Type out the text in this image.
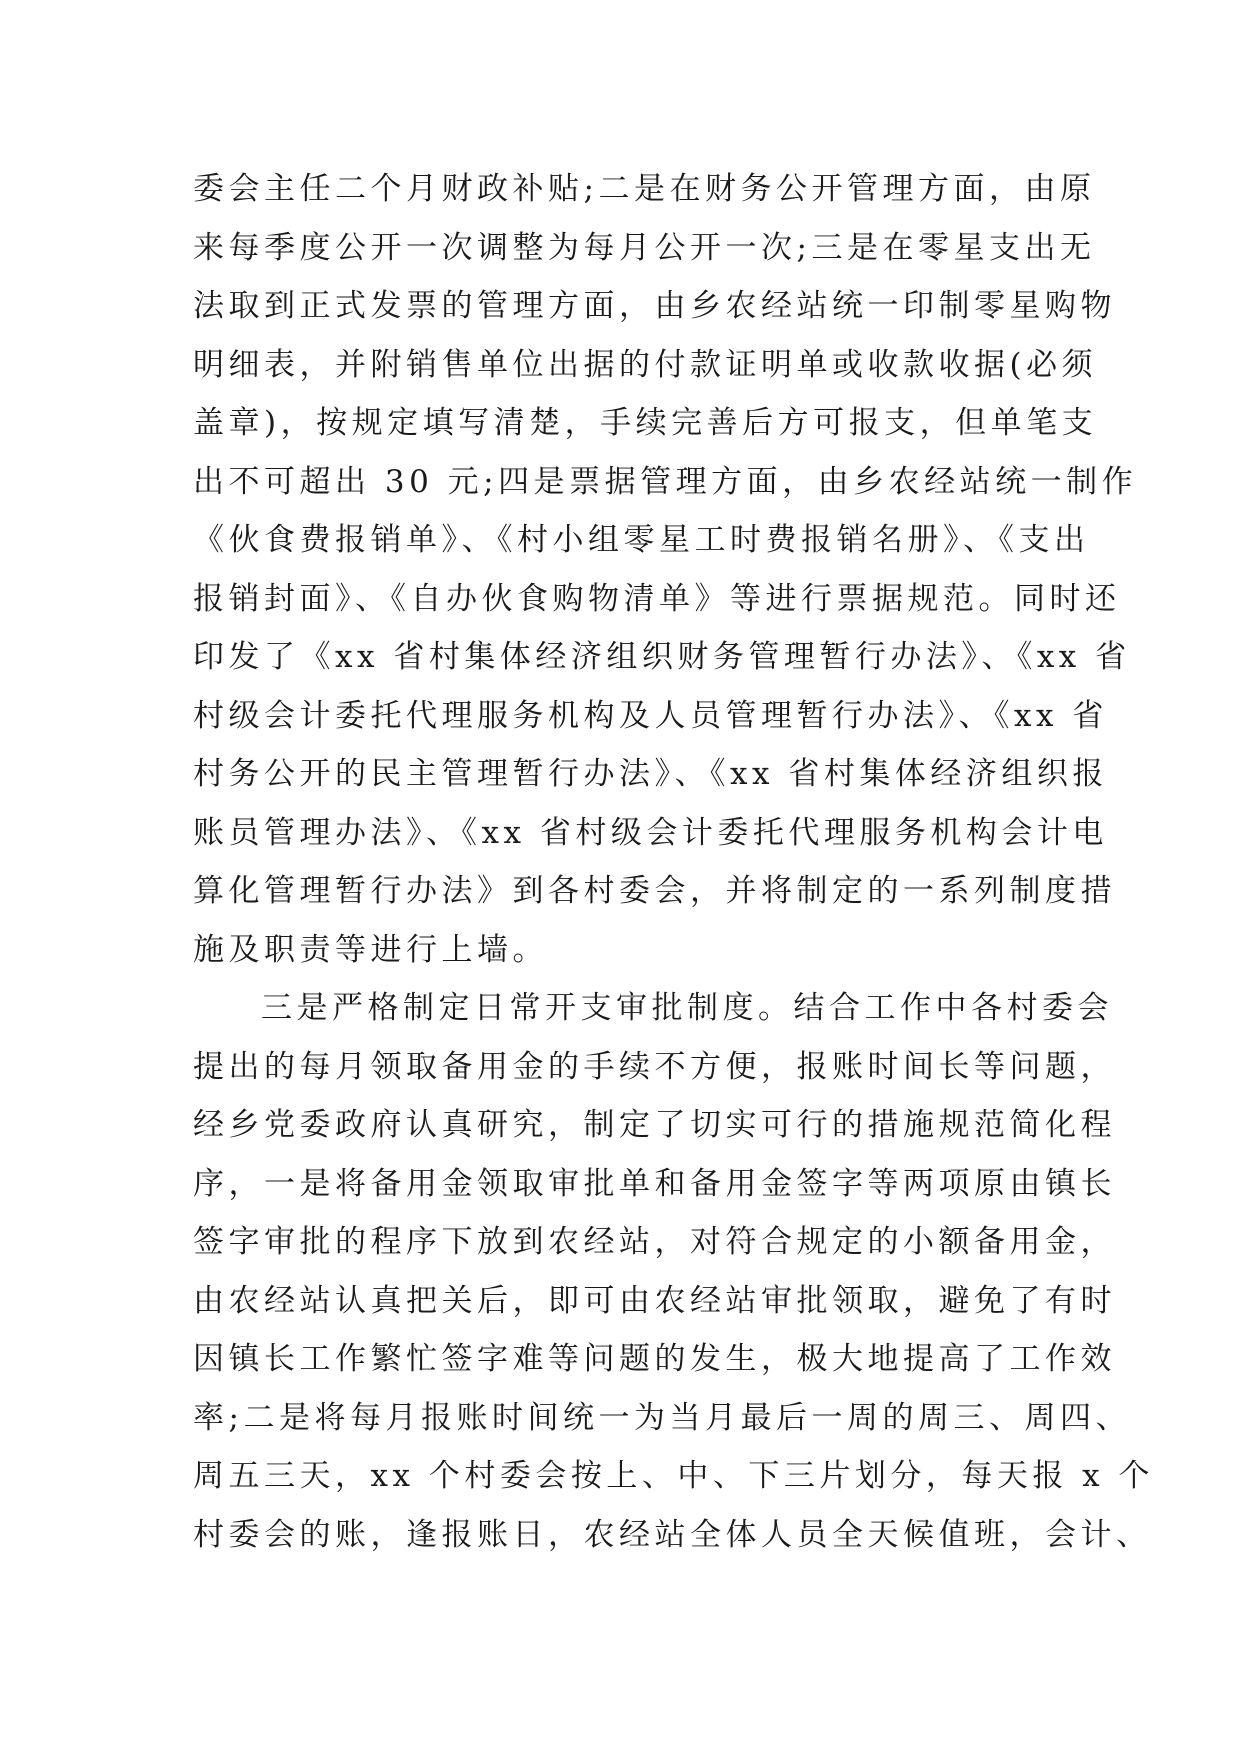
委会主任二个月财政补贴;二是在财务公开管理方面，由原
来每季度公开一次调整为每月公开一次;三是在零星支出无
法取到正式发票的管理方面，由乡农经站统一印制零星购物
明细表，并附销售单位出据的付款证明单或收款收据(必须
盖章)，按规定填写清楚，手续完善后方可报支，但单笔支
出不可超出 30 元;四是票据管理方面，由乡农经站统一制作
《伙食费报销单》、《村小组零星工时费报销名册》、《支出
报销封面》、《自办伙食购物清单》等进行票据规范。同时还
印发了《xx 省村集体经济组织财务管理暂行办法》、《xx 省
村级会计委托代理服务机构及人员管理暂行办法》、《xx 省
村务公开的民主管理暂行办法》、《xx 省村集体经济组织报
账员管理办法》、《xx 省村级会计委托代理服务机构会计电
算化管理暂行办法》到各村委会，并将制定的一系列制度措
施及职责等进行上墙。
三是严格制定日常开支审批制度。结合工作中各村委会
提出的每月领取备用金的手续不方便，报账时间长等问题，
经乡党委政府认真研究，制定了切实可行的措施规范简化程
序，一是将备用金领取审批单和备用金签字等两项原由镇长
签字审批的程序下放到农经站，对符合规定的小额备用金，
由农经站认真把关后，即可由农经站审批领取，避免了有时
因镇长工作繁忙签字难等问题的发生，极大地提高了工作效
率;二是将每月报账时间统一为当月最后一周的周三、周四、
周五三天，xx 个村委会按上、中、下三片划分，每天报 x 个
村委会的账，逢报账日，农经站全体人员全天候值班，会计、
